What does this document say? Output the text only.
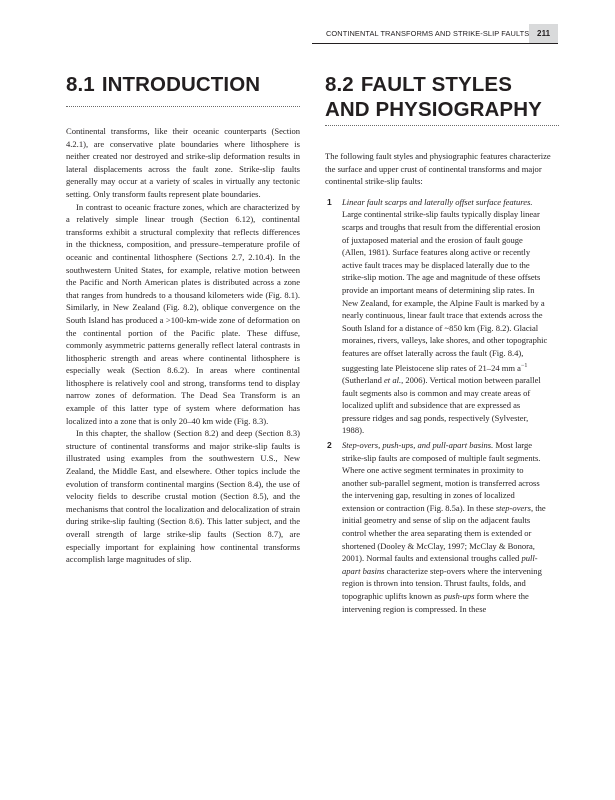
CONTINENTAL TRANSFORMS AND STRIKE-SLIP FAULTS 211
8.1 INTRODUCTION

Continental transforms, like their oceanic counterparts (Section 4.2.1), are conservative plate boundaries where lithosphere is neither created nor destroyed and strike-slip deformation results in lateral displacements across the fault zone. Strike-slip faults generally may occur at a variety of scales in virtually any tectonic setting. Only transform faults represent plate boundaries.

In contrast to oceanic fracture zones, which are characterized by a relatively simple linear trough (Section 6.12), continental transforms exhibit a structural complexity that reflects differences in the thickness, composition, and pressure–temperature profile of oceanic and continental lithosphere (Sections 2.7, 2.10.4). In the southwestern United States, for example, relative motion between the Pacific and North American plates is distributed across a zone that ranges from hundreds to a thousand kilometers wide (Fig. 8.1). Similarly, in New Zealand (Fig. 8.2), oblique convergence on the South Island has produced a >100-km-wide zone of deformation on the continental portion of the Pacific plate. These diffuse, commonly asymmetric patterns generally reflect lateral contrasts in lithospheric strength and areas where continental lithosphere is especially weak (Section 8.6.2). In areas where continental lithosphere is relatively cool and strong, transforms tend to display narrow zones of deformation. The Dead Sea Transform is an example of this latter type of system where deformation has localized into a zone that is only 20–40 km wide (Fig. 8.3).

In this chapter, the shallow (Section 8.2) and deep (Section 8.3) structure of continental transforms and major strike-slip faults is illustrated using examples from the southwestern U.S., New Zealand, the Middle East, and elsewhere. Other topics include the evolution of transform continental margins (Section 8.4), the use of velocity fields to describe crustal motion (Section 8.5), and the mechanisms that control the localization and delocalization of strain during strike-slip faulting (Section 8.6). This latter subject, and the overall strength of large strike-slip faults (Section 8.7), are especially important for explaining how continental transforms accomplish large magnitudes of slip.

8.2 FAULT STYLES
AND PHYSIOGRAPHY

The following fault styles and physiographic features characterize the surface and upper crust of continental transforms and major continental strike-slip faults:

1	Linear fault scarps and laterally offset surface features. Large continental strike-slip faults typically display linear scarps and troughs that result from the differential erosion of juxtaposed material and the erosion of fault gouge (Allen, 1981). Surface features along active or recently active fault traces may be displaced laterally due to the strike-slip motion. The age and magnitude of these offsets provide an important means of determining slip rates. In New Zealand, for example, the Alpine Fault is marked by a nearly continuous, linear fault trace that extends across the South Island for a distance of ~850 km (Fig. 8.2). Glacial moraines, rivers, valleys, lake shores, and other topographic features are offset laterally across the fault (Fig. 8.4), suggesting late Pleistocene slip rates of 21–24 mm $a^{-1}$ (Sutherland et al., 2006). Vertical motion between parallel fault segments also is common and may create areas of localized uplift and subsidence that are expressed as pressure ridges and sag ponds, respectively (Sylvester, 1988).
2	Step-overs, push-ups, and pull-apart basins. Most large strike-slip faults are composed of multiple fault segments. Where one active segment terminates in proximity to another sub-parallel segment, motion is transferred across the intervening gap, resulting in zones of localized extension or contraction (Fig. 8.5a). In these step-overs, the initial geometry and sense of slip on the adjacent faults control whether the area separating them is extended or shortened (Dooley & McClay, 1997; McClay & Bonora, 2001). Normal faults and extensional troughs called pull-apart basins characterize step-overs where the intervening region is thrown into tension. Thrust faults, folds, and topographic uplifts known as push-ups form where the intervening region is compressed. In these
